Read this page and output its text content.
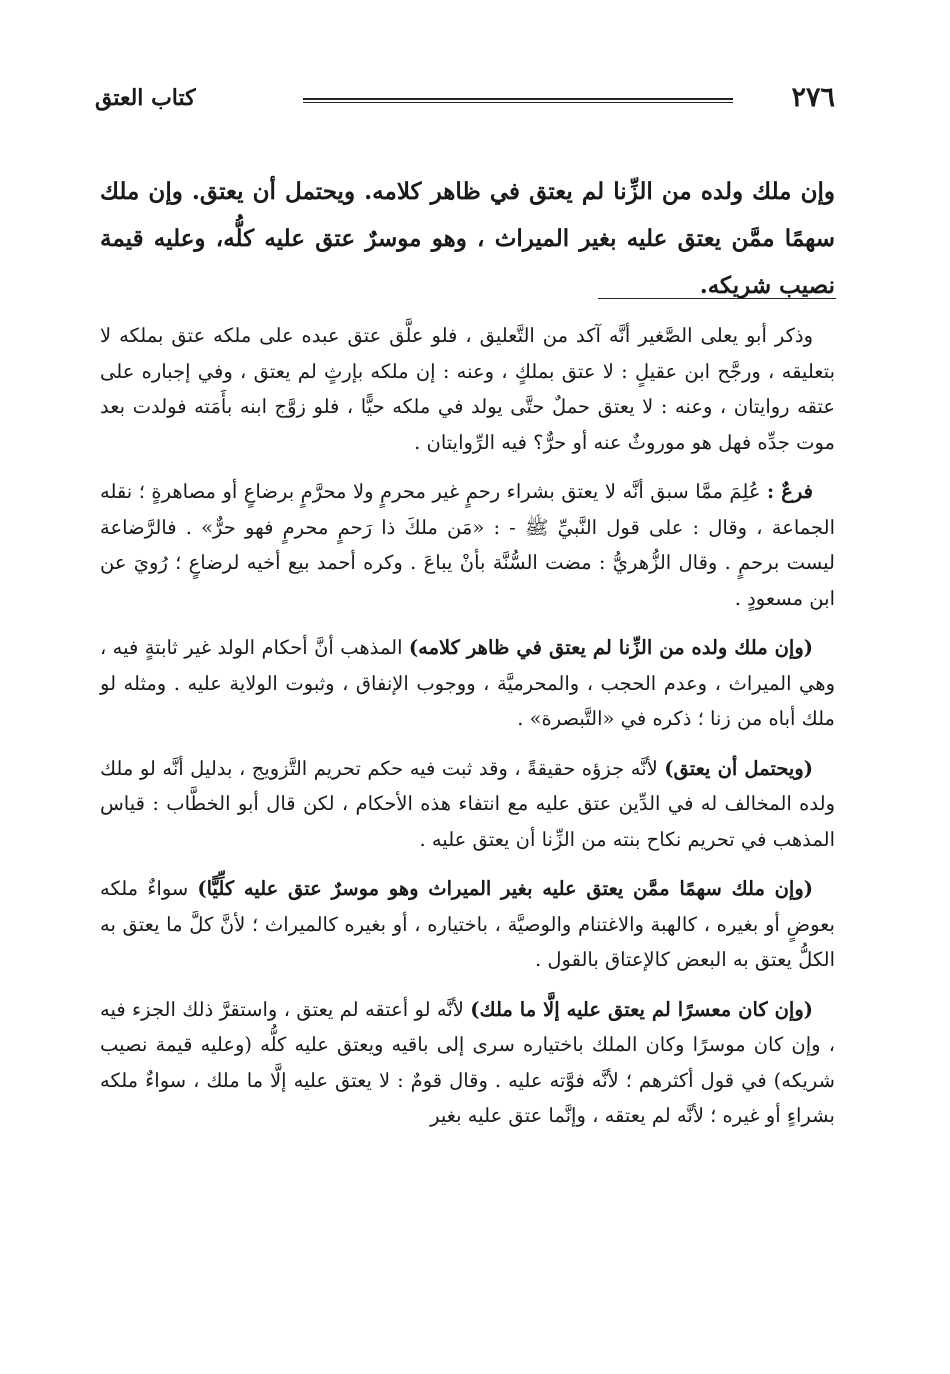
٢٧٦
كتاب العتق
وإن ملك ولده من الزِّنا لم يعتق في ظاهر كلامه. ويحتمل أن يعتق. وإن ملك سهمًا ممَّن يعتق عليه بغير الميراث ، وهو موسرٌ عتق عليه كلُّه، وعليه قيمة نصيب شريكه.

وذكر أبو يعلى الصَّغير أنَّه آكد من التَّعليق ، فلو علَّق عتق عبده على ملكه عتق بملكه لا بتعليقه ، ورجَّح ابن عقيلٍ : لا عتق بملكٍ ، وعنه : إن ملكه بإرثٍ لم يعتق ، وفي إجباره على عتقه روايتان ، وعنه : لا يعتق حملٌ حتَّى يولد في ملكه حيًّا ، فلو زوَّج ابنه بأَمَته فولدت بعد موت جدِّه فهل هو موروثٌ عنه أو حرٌّ؟ فيه الرِّوايتان .

فرعٌ : عُلِمَ ممَّا سبق أنَّه لا يعتق بشراء رحمٍ غير محرمٍ ولا محرَّمٍ برضاعٍ أو مصاهرةٍ ؛ نقله الجماعة ، وقال : على قول النَّبيِّ ﷺ - : «مَن ملكَ ذا رَحمٍ محرمٍ فهو حرٌّ» . فالرَّضاعة ليست برحمٍ . وقال الزُّهريُّ : مضت السُّنَّة بأنْ يباعَ . وكره أحمد بيع أخيه لرضاعٍ ؛ رُويَ عن ابن مسعودٍ .

(وإن ملك ولده من الزِّنا لم يعتق في ظاهر كلامه) المذهب أنَّ أحكام الولد غير ثابتةٍ فيه ، وهي الميراث ، وعدم الحجب ، والمحرميَّة ، ووجوب الإنفاق ، وثبوت الولاية عليه . ومثله لو ملك أباه من زنا ؛ ذكره في «التَّبصرة» .

(ويحتمل أن يعتق) لأنَّه جزؤه حقيقةً ، وقد ثبت فيه حكم تحريم التَّزويج ، بدليل أنَّه لو ملك ولده المخالف له في الدِّين عتق عليه مع انتفاء هذه الأحكام ، لكن قال أبو الخطَّاب : قياس المذهب في تحريم نكاح بنته من الزِّنا أن يعتق عليه .

(وإن ملك سهمًا ممَّن يعتق عليه بغير الميراث وهو موسرٌ عتق عليه كلِّيًّا) سواءٌ ملكه بعوضٍ أو بغيره ، كالهبة والاغتنام والوصيَّة ، باختياره ، أو بغيره كالميراث ؛ لأنَّ كلَّ ما يعتق به الكلُّ يعتق به البعض كالإعتاق بالقول .

(وإن كان معسرًا لم يعتق عليه إلَّا ما ملك) لأنَّه لو أعتقه لم يعتق ، واستقرَّ ذلك الجزء فيه ، وإن كان موسرًا وكان الملك باختياره سرى إلى باقيه ويعتق عليه كلُّه (وعليه قيمة نصيب شريكه) في قول أكثرهم ؛ لأنَّه فوَّته عليه . وقال قومٌ : لا يعتق عليه إلَّا ما ملك ، سواءٌ ملكه بشراءٍ أو غيره ؛ لأنَّه لم يعتقه ، وإنَّما عتق عليه بغير
